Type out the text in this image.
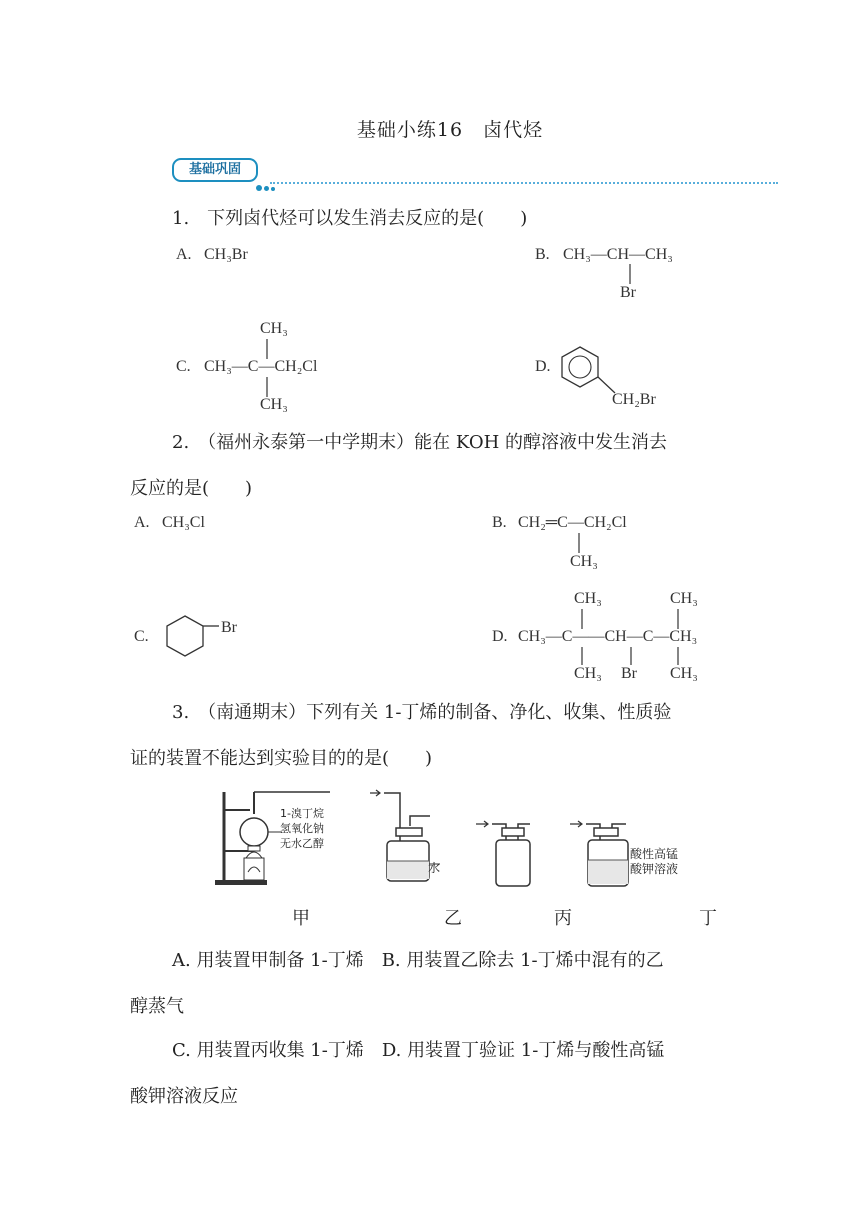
基础小练16　卤代烃
基础巩固
1.　下列卤代烃可以发生消去反应的是(　　)
A. CH₃Br	B. CH₃—CH—CH₃
Br
CH₃
C. CH₃—C—CH₂Cl
CH₃
D.
CH₂Br
2.　（福州永泰第一中学期末）能在 KOH 的醇溶液中发生消去
反应的是(　　)
A. CH₃Cl	B. CH₂═C—CH₂Cl
CH₃
C.
Br
CH₃	CH₃
D. CH₃—C——CH—C—CH₃
CH₃ Br CH₃
3.　（南通期末）下列有关 1-丁烯的制备、净化、收集、性质验
证的装置不能达到实验目的的是(　　)
1-溴丁烷
氢氧化钠
无水乙醇
水
酸性高锰
酸钾溶液
甲	乙	丙	丁
A. 用装置甲制备 1-丁烯　B. 用装置乙除去 1-丁烯中混有的乙
醇蒸气
C. 用装置丙收集 1-丁烯　D. 用装置丁验证 1-丁烯与酸性高锰
酸钾溶液反应
